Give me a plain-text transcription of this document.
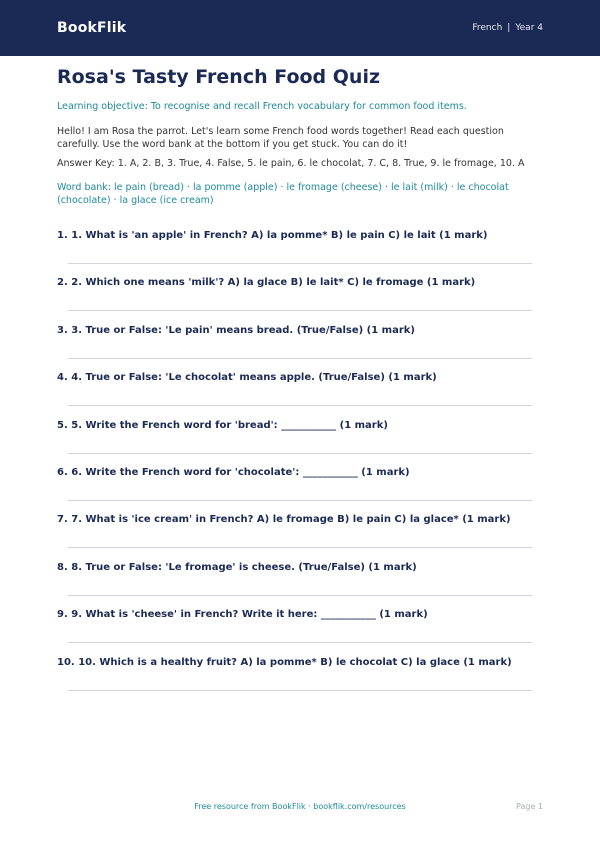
BookFlik	French | Year 4
Rosa's Tasty French Food Quiz
Learning objective: To recognise and recall French vocabulary for common food items.
Hello! I am Rosa the parrot. Let's learn some French food words together! Read each question carefully. Use the word bank at the bottom if you get stuck. You can do it!
Answer Key: 1. A, 2. B, 3. True, 4. False, 5. le pain, 6. le chocolat, 7. C, 8. True, 9. le fromage, 10. A
Word bank: le pain (bread) · la pomme (apple) · le fromage (cheese) · le lait (milk) · le chocolat (chocolate) · la glace (ice cream)
1. 1. What is 'an apple' in French? A) la pomme* B) le pain C) le lait (1 mark)
2. 2. Which one means 'milk'? A) la glace B) le lait* C) le fromage (1 mark)
3. 3. True or False: 'Le pain' means bread. (True/False) (1 mark)
4. 4. True or False: 'Le chocolat' means apple. (True/False) (1 mark)
5. 5. Write the French word for 'bread': ___________ (1 mark)
6. 6. Write the French word for 'chocolate': ___________ (1 mark)
7. 7. What is 'ice cream' in French? A) le fromage B) le pain C) la glace* (1 mark)
8. 8. True or False: 'Le fromage' is cheese. (True/False) (1 mark)
9. 9. What is 'cheese' in French? Write it here: ___________ (1 mark)
10. 10. Which is a healthy fruit? A) la pomme* B) le chocolat C) la glace (1 mark)
Free resource from BookFlik · bookflik.com/resources	Page 1
